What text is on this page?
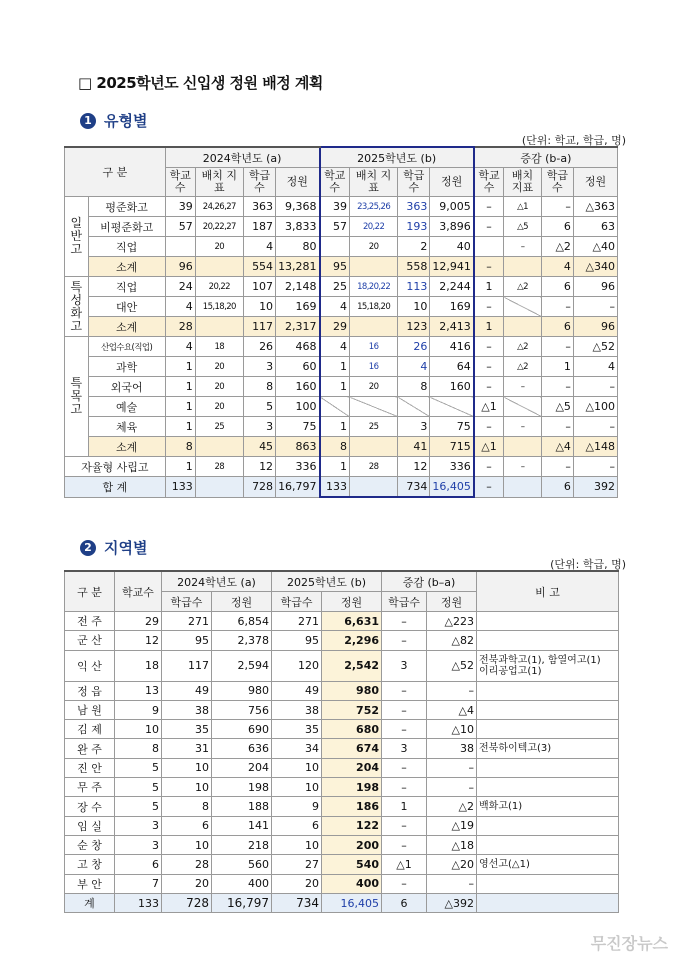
□ 2025학년도 신입생 정원 배정 계획
1 유형별
(단위: 학교, 학급, 명)
구 분		2024학년도 (a)				2025학년도 (b)				증감 (b-a)			
		학교 수	배치 지표	학급 수	정원	학교 수	배치 지표	학급 수	정원	학교 수	배치 지표	학급 수	정원
일반고	평준화고	39	24,26,27	363	9,368	39	23,25,26	363	9,005	–	△1	–	△363
	비평준화고	57	20,22,27	187	3,833	57	20,22	193	3,896	–	△5	6	63
	직업		20	4	80		20	2	40		–	△2	△40
	소계	96		554	13,281	95		558	12,941	–		4	△340
특성화고	직업	24	20,22	107	2,148	25	18,20,22	113	2,244	1	△2	6	96
	대안	4	15,18,20	10	169	4	15,18,20	10	169	–		–	–
	소계	28		117	2,317	29		123	2,413	1		6	96
특목고	산업수요(직업)	4	18	26	468	4	16	26	416	–	△2	–	△52
	과학	1	20	3	60	1	16	4	64	–	△2	1	4
	외국어	1	20	8	160	1	20	8	160	–	–	–	–
	예술	1	20	5	100					△1		△5	△100
	체육	1	25	3	75	1	25	3	75	–	–	–	–
	소계	8		45	863	8		41	715	△1		△4	△148
자율형 사립고		1	28	12	336	1	28	12	336	–	–	–	–
합 계		133		728	16,797	133		734	16,405	–		6	392
2 지역별
(단위: 학급, 명)
구 분	학교수	2024학년도 (a)		2025학년도 (b)		증감 (b–a)		비 고
		학급수	정원	학급수	정원	학급수	정원	
전 주	29	271	6,854	271	6,631	–	△223	
군 산	12	95	2,378	95	2,296	–	△82	
익 산	18	117	2,594	120	2,542	3	△52	전북과학고(1), 함열여고(1)
이리공업고(1)
정 읍	13	49	980	49	980	–	–	
남 원	9	38	756	38	752	–	△4	
김 제	10	35	690	35	680	–	△10	
완 주	8	31	636	34	674	3	38	전북하이텍고(3)
진 안	5	10	204	10	204	–	–	
무 주	5	10	198	10	198	–	–	
장 수	5	8	188	9	186	1	△2	백화고(1)
임 실	3	6	141	6	122	–	△19	
순 창	3	10	218	10	200	–	△18	
고 창	6	28	560	27	540	△1	△20	영선고(△1)
부 안	7	20	400	20	400	–	–	
계	133	728	16,797	734	16,405	6	△392	
무진장뉴스
